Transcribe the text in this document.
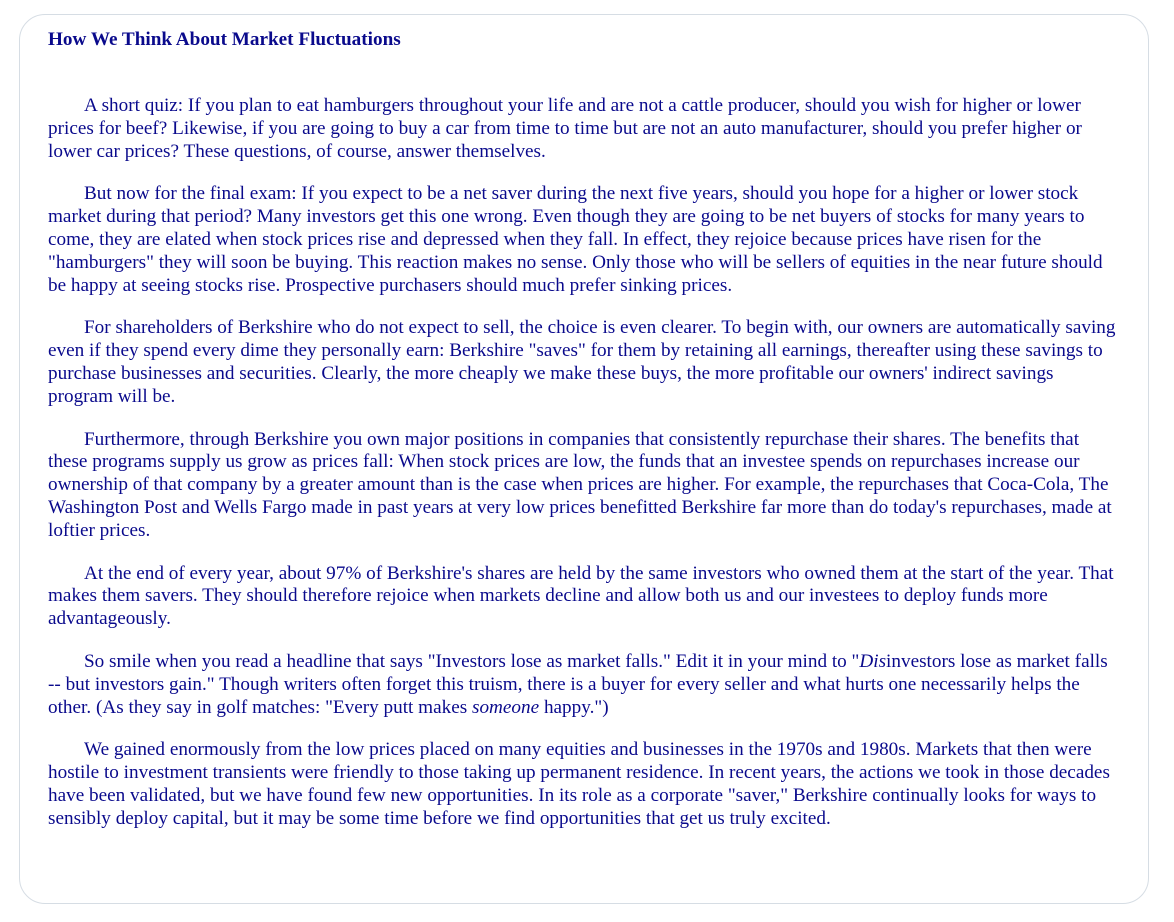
How We Think About Market Fluctuations

A short quiz: If you plan to eat hamburgers throughout your life and are not a cattle producer, should you wish for higher or lower prices for beef? Likewise, if you are going to buy a car from time to time but are not an auto manufacturer, should you prefer higher or lower car prices? These questions, of course, answer themselves.

But now for the final exam: If you expect to be a net saver during the next five years, should you hope for a higher or lower stock market during that period? Many investors get this one wrong. Even though they are going to be net buyers of stocks for many years to come, they are elated when stock prices rise and depressed when they fall. In effect, they rejoice because prices have risen for the "hamburgers" they will soon be buying. This reaction makes no sense. Only those who will be sellers of equities in the near future should be happy at seeing stocks rise. Prospective purchasers should much prefer sinking prices.

For shareholders of Berkshire who do not expect to sell, the choice is even clearer. To begin with, our owners are automatically saving even if they spend every dime they personally earn: Berkshire "saves" for them by retaining all earnings, thereafter using these savings to purchase businesses and securities. Clearly, the more cheaply we make these buys, the more profitable our owners' indirect savings program will be.

Furthermore, through Berkshire you own major positions in companies that consistently repurchase their shares. The benefits that these programs supply us grow as prices fall: When stock prices are low, the funds that an investee spends on repurchases increase our ownership of that company by a greater amount than is the case when prices are higher. For example, the repurchases that Coca-Cola, The Washington Post and Wells Fargo made in past years at very low prices benefitted Berkshire far more than do today's repurchases, made at loftier prices.

At the end of every year, about 97% of Berkshire's shares are held by the same investors who owned them at the start of the year. That makes them savers. They should therefore rejoice when markets decline and allow both us and our investees to deploy funds more advantageously.

So smile when you read a headline that says "Investors lose as market falls." Edit it in your mind to "Disinvestors lose as market falls -- but investors gain." Though writers often forget this truism, there is a buyer for every seller and what hurts one necessarily helps the other. (As they say in golf matches: "Every putt makes someone happy.")

We gained enormously from the low prices placed on many equities and businesses in the 1970s and 1980s. Markets that then were hostile to investment transients were friendly to those taking up permanent residence. In recent years, the actions we took in those decades have been validated, but we have found few new opportunities. In its role as a corporate "saver," Berkshire continually looks for ways to sensibly deploy capital, but it may be some time before we find opportunities that get us truly excited.
